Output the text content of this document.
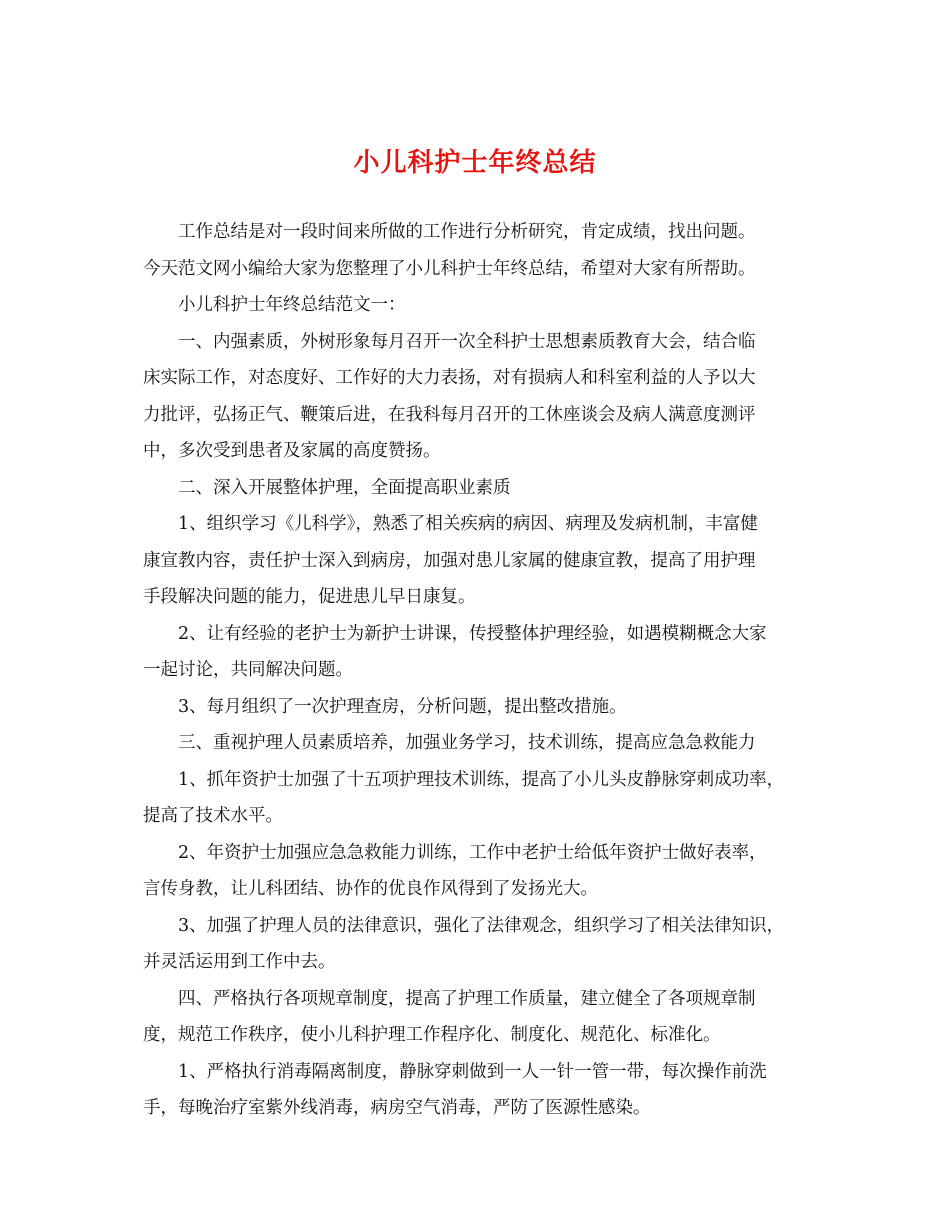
小儿科护士年终总结
工作总结是对一段时间来所做的工作进行分析研究，肯定成绩，找出问题。
今天范文网小编给大家为您整理了小儿科护士年终总结，希望对大家有所帮助。
小儿科护士年终总结范文一：
一、内强素质，外树形象每月召开一次全科护士思想素质教育大会，结合临
床实际工作，对态度好、工作好的大力表扬，对有损病人和科室利益的人予以大
力批评，弘扬正气、鞭策后进，在我科每月召开的工休座谈会及病人满意度测评
中，多次受到患者及家属的高度赞扬。
二、深入开展整体护理，全面提高职业素质
1、组织学习《儿科学》，熟悉了相关疾病的病因、病理及发病机制，丰富健
康宣教内容，责任护士深入到病房，加强对患儿家属的健康宣教，提高了用护理
手段解决问题的能力，促进患儿早日康复。
2、让有经验的老护士为新护士讲课，传授整体护理经验，如遇模糊概念大家
一起讨论，共同解决问题。
3、每月组织了一次护理查房，分析问题，提出整改措施。
三、重视护理人员素质培养，加强业务学习，技术训练，提高应急急救能力
1、抓年资护士加强了十五项护理技术训练，提高了小儿头皮静脉穿刺成功率，
提高了技术水平。
2、年资护士加强应急急救能力训练，工作中老护士给低年资护士做好表率，
言传身教，让儿科团结、协作的优良作风得到了发扬光大。
3、加强了护理人员的法律意识，强化了法律观念，组织学习了相关法律知识，
并灵活运用到工作中去。
四、严格执行各项规章制度，提高了护理工作质量，建立健全了各项规章制
度，规范工作秩序，使小儿科护理工作程序化、制度化、规范化、标准化。
1、严格执行消毒隔离制度，静脉穿刺做到一人一针一管一带，每次操作前洗
手，每晚治疗室紫外线消毒，病房空气消毒，严防了医源性感染。
